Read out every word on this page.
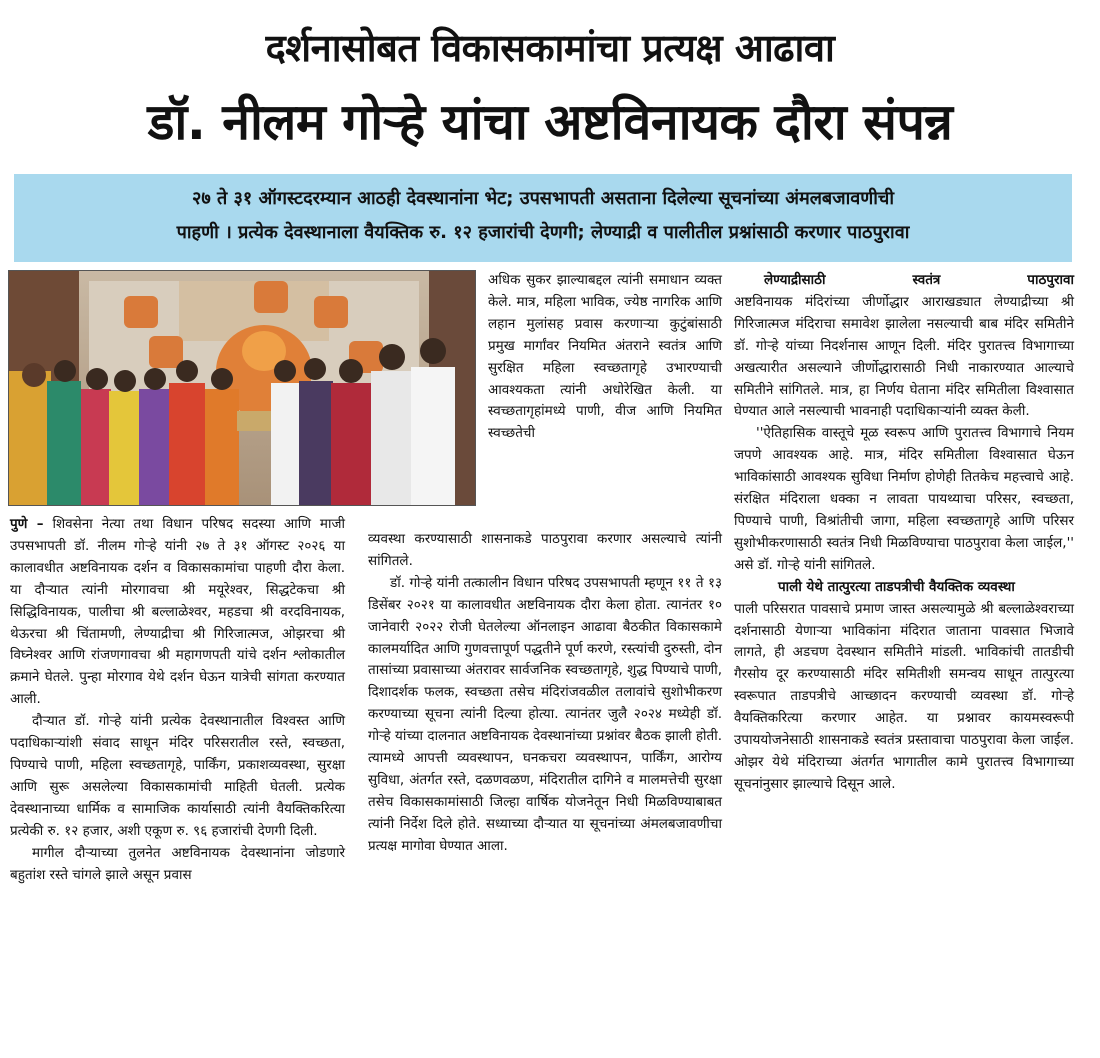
दर्शनासोबत विकासकामांचा प्रत्यक्ष आढावा
डॉ. नीलम गोऱ्हे यांचा अष्टविनायक दौरा संपन्न
२७ ते ३१ ऑगस्टदरम्यान आठही देवस्थानांना भेट; उपसभापती असताना दिलेल्या सूचनांच्या अंमलबजावणीची
पाहणी । प्रत्येक देवस्थानाला वैयक्तिक रु. १२ हजारांची देणगी; लेण्याद्री व पालीतील प्रश्नांसाठी करणार पाठपुरावा

पुणे – शिवसेना नेत्या तथा विधान परिषद सदस्या आणि माजी उपसभापती डॉ. नीलम गोऱ्हे यांनी २७ ते ३१ ऑगस्ट २०२६ या कालावधीत अष्टविनायक दर्शन व विकासकामांचा पाहणी दौरा केला. या दौऱ्यात त्यांनी मोरगावचा श्री मयूरेश्वर, सिद्धटेकचा श्री सिद्धिविनायक, पालीचा श्री बल्लाळेश्वर, महडचा श्री वरदविनायक, थेऊरचा श्री चिंतामणी, लेण्याद्रीचा श्री गिरिजात्मज, ओझरचा श्री विघ्नेश्वर आणि रांजणगावचा श्री महागणपती यांचे दर्शन श्लोकातील क्रमाने घेतले. पुन्हा मोरगाव येथे दर्शन घेऊन यात्रेची सांगता करण्यात आली.

दौऱ्यात डॉ. गोऱ्हे यांनी प्रत्येक देवस्थानातील विश्वस्त आणि पदाधिकाऱ्यांशी संवाद साधून मंदिर परिसरातील रस्ते, स्वच्छता, पिण्याचे पाणी, महिला स्वच्छतागृहे, पार्किंग, प्रकाशव्यवस्था, सुरक्षा आणि सुरू असलेल्या विकासकामांची माहिती घेतली. प्रत्येक देवस्थानाच्या धार्मिक व सामाजिक कार्यासाठी त्यांनी वैयक्तिकरित्या प्रत्येकी रु. १२ हजार, अशी एकूण रु. ९६ हजारांची देणगी दिली.

मागील दौऱ्याच्या तुलनेत अष्टविनायक देवस्थानांना जोडणारे बहुतांश रस्ते चांगले झाले असून प्रवास

अधिक सुकर झाल्याबद्दल त्यांनी समाधान व्यक्त केले. मात्र, महिला भाविक, ज्येष्ठ नागरिक आणि लहान मुलांसह प्रवास करणाऱ्या कुटुंबांसाठी प्रमुख मार्गांवर नियमित अंतराने स्वतंत्र आणि सुरक्षित महिला स्वच्छतागृहे उभारण्याची आवश्यकता त्यांनी अधोरेखित केली. या स्वच्छतागृहांमध्ये पाणी, वीज आणि नियमित स्वच्छतेची

व्यवस्था करण्यासाठी शासनाकडे पाठपुरावा करणार असल्याचे त्यांनी सांगितले.

डॉ. गोऱ्हे यांनी तत्कालीन विधान परिषद उपसभापती म्हणून ११ ते १३ डिसेंबर २०२१ या कालावधीत अष्टविनायक दौरा केला होता. त्यानंतर १० जानेवारी २०२२ रोजी घेतलेल्या ऑनलाइन आढावा बैठकीत विकासकामे कालमर्यादित आणि गुणवत्तापूर्ण पद्धतीने पूर्ण करणे, रस्त्यांची दुरुस्ती, दोन तासांच्या प्रवासाच्या अंतरावर सार्वजनिक स्वच्छतागृहे, शुद्ध पिण्याचे पाणी, दिशादर्शक फलक, स्वच्छता तसेच मंदिरांजवळील तलावांचे सुशोभीकरण करण्याच्या सूचना त्यांनी दिल्या होत्या. त्यानंतर जुलै २०२४ मध्येही डॉ. गोऱ्हे यांच्या दालनात अष्टविनायक देवस्थानांच्या प्रश्नांवर बैठक झाली होती. त्यामध्ये आपत्ती व्यवस्थापन, घनकचरा व्यवस्थापन, पार्किंग, आरोग्य सुविधा, अंतर्गत रस्ते, दळणवळण, मंदिरातील दागिने व मालमत्तेची सुरक्षा तसेच विकासकामांसाठी जिल्हा वार्षिक योजनेतून निधी मिळविण्याबाबत त्यांनी निर्देश दिले होते. सध्याच्या दौऱ्यात या सूचनांच्या अंमलबजावणीचा प्रत्यक्ष मागोवा घेण्यात आला.

लेण्याद्रीसाठी	स्वतंत्र	पाठपुरावा

अष्टविनायक मंदिरांच्या जीर्णोद्धार आराखड्यात लेण्याद्रीच्या श्री गिरिजात्मज मंदिराचा समावेश झालेला नसल्याची बाब मंदिर समितीने डॉ. गोऱ्हे यांच्या निदर्शनास आणून दिली. मंदिर पुरातत्त्व विभागाच्या अखत्यारीत असल्याने जीर्णोद्धारासाठी निधी नाकारण्यात आल्याचे समितीने सांगितले. मात्र, हा निर्णय घेताना मंदिर समितीला विश्वासात घेण्यात आले नसल्याची भावनाही पदाधिकाऱ्यांनी व्यक्त केली.

''ऐतिहासिक वास्तूचे मूळ स्वरूप आणि पुरातत्त्व विभागाचे नियम जपणे आवश्यक आहे. मात्र, मंदिर समितीला विश्वासात घेऊन भाविकांसाठी आवश्यक सुविधा निर्माण होणेही तितकेच महत्त्वाचे आहे. संरक्षित मंदिराला धक्का न लावता पायथ्याचा परिसर, स्वच्छता, पिण्याचे पाणी, विश्रांतीची जागा, महिला स्वच्छतागृहे आणि परिसर सुशोभीकरणासाठी स्वतंत्र निधी मिळविण्याचा पाठपुरावा केला जाईल,'' असे डॉ. गोऱ्हे यांनी सांगितले.

पाली येथे तात्पुरत्या ताडपत्रीची वैयक्तिक व्यवस्था

पाली परिसरात पावसाचे प्रमाण जास्त असल्यामुळे श्री बल्लाळेश्वराच्या दर्शनासाठी येणाऱ्या भाविकांना मंदिरात जाताना पावसात भिजावे लागते, ही अडचण देवस्थान समितीने मांडली. भाविकांची तातडीची गैरसोय दूर करण्यासाठी मंदिर समितीशी समन्वय साधून तात्पुरत्या स्वरूपात ताडपत्रीचे आच्छादन करण्याची व्यवस्था डॉ. गोऱ्हे वैयक्तिकरित्या करणार आहेत. या प्रश्नावर कायमस्वरूपी उपाययोजनेसाठी शासनाकडे स्वतंत्र प्रस्तावाचा पाठपुरावा केला जाईल. ओझर येथे मंदिराच्या अंतर्गत भागातील कामे पुरातत्त्व विभागाच्या सूचनांनुसार झाल्याचे दिसून आले.
